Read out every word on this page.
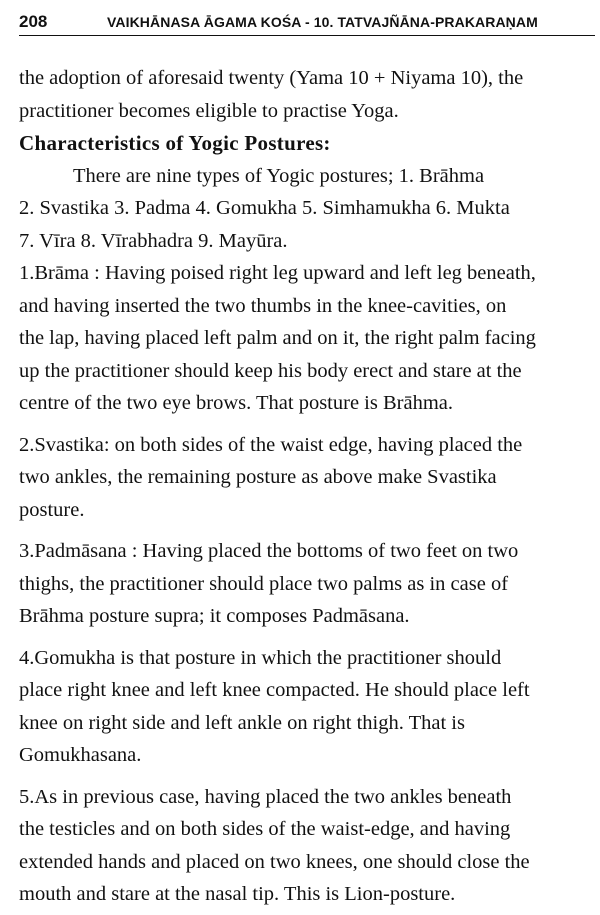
208	VAIKHĀNASA ĀGAMA KOŚA - 10. TATVAJÑĀNA-PRAKARAṆAM

the adoption of aforesaid twenty (Yama 10 + Niyama 10), the
practitioner becomes eligible to practise Yoga.

Characteristics of Yogic Postures:

There are nine types of Yogic postures; 1. Brāhma
2. Svastika 3. Padma 4. Gomukha 5. Simhamukha 6. Mukta
7. Vīra 8. Vīrabhadra 9. Mayūra.

1.Brāma : Having poised right leg upward and left leg beneath,
and having inserted the two thumbs in the knee-cavities, on
the lap, having placed left palm and on it, the right palm facing
up the practitioner should keep his body erect and stare at the
centre of the two eye brows. That posture is Brāhma.

2.Svastika: on both sides of the waist edge, having placed the
two ankles, the remaining posture as above make Svastika
posture.

3.Padmāsana : Having placed the bottoms of two feet on two
thighs, the practitioner should place two palms as in case of
Brāhma posture supra; it composes Padmāsana.

4.Gomukha is that posture in which the practitioner should
place right knee and left knee compacted. He should place left
knee on right side and left ankle on right thigh. That is
Gomukhasana.

5.As in previous case, having placed the two ankles beneath
the testicles and on both sides of the waist-edge, and having
extended hands and placed on two knees, one should close the
mouth and stare at the nasal tip. This is Lion-posture.
